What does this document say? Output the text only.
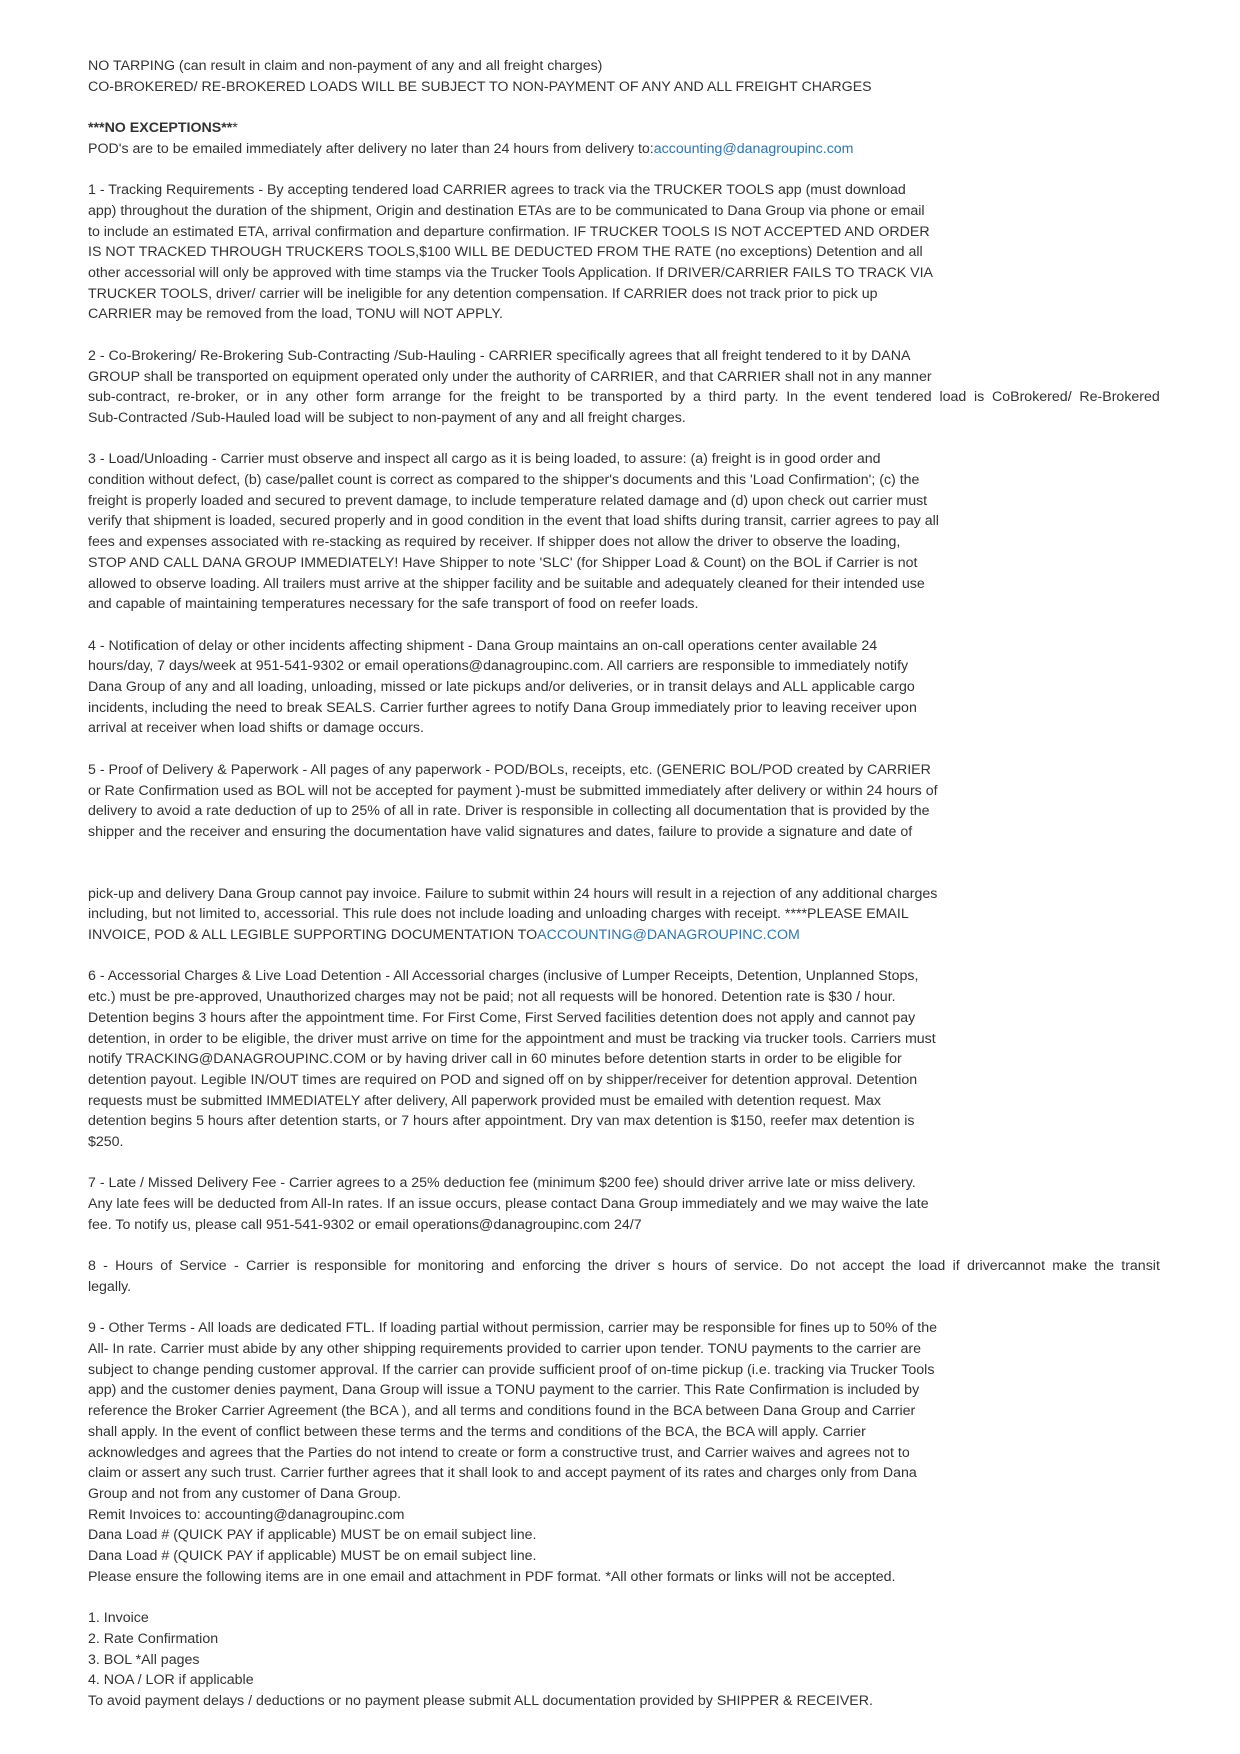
NO TARPING (can result in claim and non-payment of any and all freight charges)
CO-BROKERED/ RE-BROKERED LOADS WILL BE SUBJECT TO NON-PAYMENT OF ANY AND ALL FREIGHT CHARGES
***NO EXCEPTIONS***
POD's are to be emailed immediately after delivery no later than 24 hours from delivery to:accounting@danagroupinc.com
1 - Tracking Requirements - By accepting tendered load CARRIER agrees to track via the TRUCKER TOOLS app (must download
app) throughout the duration of the shipment, Origin and destination ETAs are to be communicated to Dana Group via phone or email
to include an estimated ETA, arrival confirmation and departure confirmation. IF TRUCKER TOOLS IS NOT ACCEPTED AND ORDER
IS NOT TRACKED THROUGH TRUCKERS TOOLS,$100 WILL BE DEDUCTED FROM THE RATE (no exceptions) Detention and all
other accessorial will only be approved with time stamps via the Trucker Tools Application. If DRIVER/CARRIER FAILS TO TRACK VIA
TRUCKER TOOLS, driver/ carrier will be ineligible for any detention compensation. If CARRIER does not track prior to pick up
CARRIER may be removed from the load, TONU will NOT APPLY.
2 - Co-Brokering/ Re-Brokering Sub-Contracting /Sub-Hauling - CARRIER specifically agrees that all freight tendered to it by DANA
GROUP shall be transported on equipment operated only under the authority of CARRIER, and that CARRIER shall not in any manner
sub-contract, re-broker, or in any other form arrange for the freight to be transported by a third party. In the event tendered load is CoBrokered/ Re-Brokered
Sub-Contracted /Sub-Hauled load will be subject to non-payment of any and all freight charges.
3 - Load/Unloading - Carrier must observe and inspect all cargo as it is being loaded, to assure: (a) freight is in good order and
condition without defect, (b) case/pallet count is correct as compared to the shipper's documents and this 'Load Confirmation'; (c) the
freight is properly loaded and secured to prevent damage, to include temperature related damage and (d) upon check out carrier must
verify that shipment is loaded, secured properly and in good condition in the event that load shifts during transit, carrier agrees to pay all
fees and expenses associated with re-stacking as required by receiver. If shipper does not allow the driver to observe the loading,
STOP AND CALL DANA GROUP IMMEDIATELY! Have Shipper to note 'SLC' (for Shipper Load & Count) on the BOL if Carrier is not
allowed to observe loading. All trailers must arrive at the shipper facility and be suitable and adequately cleaned for their intended use
and capable of maintaining temperatures necessary for the safe transport of food on reefer loads.
4 - Notification of delay or other incidents affecting shipment - Dana Group maintains an on-call operations center available 24
hours/day, 7 days/week at 951-541-9302 or email operations@danagroupinc.com. All carriers are responsible to immediately notify
Dana Group of any and all loading, unloading, missed or late pickups and/or deliveries, or in transit delays and ALL applicable cargo
incidents, including the need to break SEALS. Carrier further agrees to notify Dana Group immediately prior to leaving receiver upon
arrival at receiver when load shifts or damage occurs.
5 - Proof of Delivery & Paperwork - All pages of any paperwork - POD/BOLs, receipts, etc. (GENERIC BOL/POD created by CARRIER
or Rate Confirmation used as BOL will not be accepted for payment )-must be submitted immediately after delivery or within 24 hours of
delivery to avoid a rate deduction of up to 25% of all in rate. Driver is responsible in collecting all documentation that is provided by the
shipper and the receiver and ensuring the documentation have valid signatures and dates, failure to provide a signature and date of
pick-up and delivery Dana Group cannot pay invoice. Failure to submit within 24 hours will result in a rejection of any additional charges
including, but not limited to, accessorial. This rule does not include loading and unloading charges with receipt. ****PLEASE EMAIL
INVOICE, POD & ALL LEGIBLE SUPPORTING DOCUMENTATION TOACCOUNTING@DANAGROUPINC.COM
6 - Accessorial Charges & Live Load Detention - All Accessorial charges (inclusive of Lumper Receipts, Detention, Unplanned Stops,
etc.) must be pre-approved, Unauthorized charges may not be paid; not all requests will be honored. Detention rate is $30 / hour.
Detention begins 3 hours after the appointment time. For First Come, First Served facilities detention does not apply and cannot pay
detention, in order to be eligible, the driver must arrive on time for the appointment and must be tracking via trucker tools. Carriers must
notify TRACKING@DANAGROUPINC.COM or by having driver call in 60 minutes before detention starts in order to be eligible for
detention payout. Legible IN/OUT times are required on POD and signed off on by shipper/receiver for detention approval. Detention
requests must be submitted IMMEDIATELY after delivery, All paperwork provided must be emailed with detention request. Max
detention begins 5 hours after detention starts, or 7 hours after appointment. Dry van max detention is $150, reefer max detention is
$250.
7 - Late / Missed Delivery Fee - Carrier agrees to a 25% deduction fee (minimum $200 fee) should driver arrive late or miss delivery.
Any late fees will be deducted from All-In rates. If an issue occurs, please contact Dana Group immediately and we may waive the late
fee. To notify us, please call 951-541-9302 or email operations@danagroupinc.com 24/7
8 - Hours of Service - Carrier is responsible for monitoring and enforcing the driver s hours of service. Do not accept the load if drivercannot make the transit
legally.
9 - Other Terms - All loads are dedicated FTL. If loading partial without permission, carrier may be responsible for fines up to 50% of the
All- In rate. Carrier must abide by any other shipping requirements provided to carrier upon tender. TONU payments to the carrier are
subject to change pending customer approval. If the carrier can provide sufficient proof of on-time pickup (i.e. tracking via Trucker Tools
app) and the customer denies payment, Dana Group will issue a TONU payment to the carrier. This Rate Confirmation is included by
reference the Broker Carrier Agreement (the BCA ), and all terms and conditions found in the BCA between Dana Group and Carrier
shall apply. In the event of conflict between these terms and the terms and conditions of the BCA, the BCA will apply. Carrier
acknowledges and agrees that the Parties do not intend to create or form a constructive trust, and Carrier waives and agrees not to
claim or assert any such trust. Carrier further agrees that it shall look to and accept payment of its rates and charges only from Dana
Group and not from any customer of Dana Group.
Remit Invoices to: accounting@danagroupinc.com
Dana Load # (QUICK PAY if applicable) MUST be on email subject line.
Dana Load # (QUICK PAY if applicable) MUST be on email subject line.
Please ensure the following items are in one email and attachment in PDF format. *All other formats or links will not be accepted.
1. Invoice
2. Rate Confirmation
3. BOL *All pages
4. NOA / LOR if applicable
To avoid payment delays / deductions or no payment please submit ALL documentation provided by SHIPPER & RECEIVER.
